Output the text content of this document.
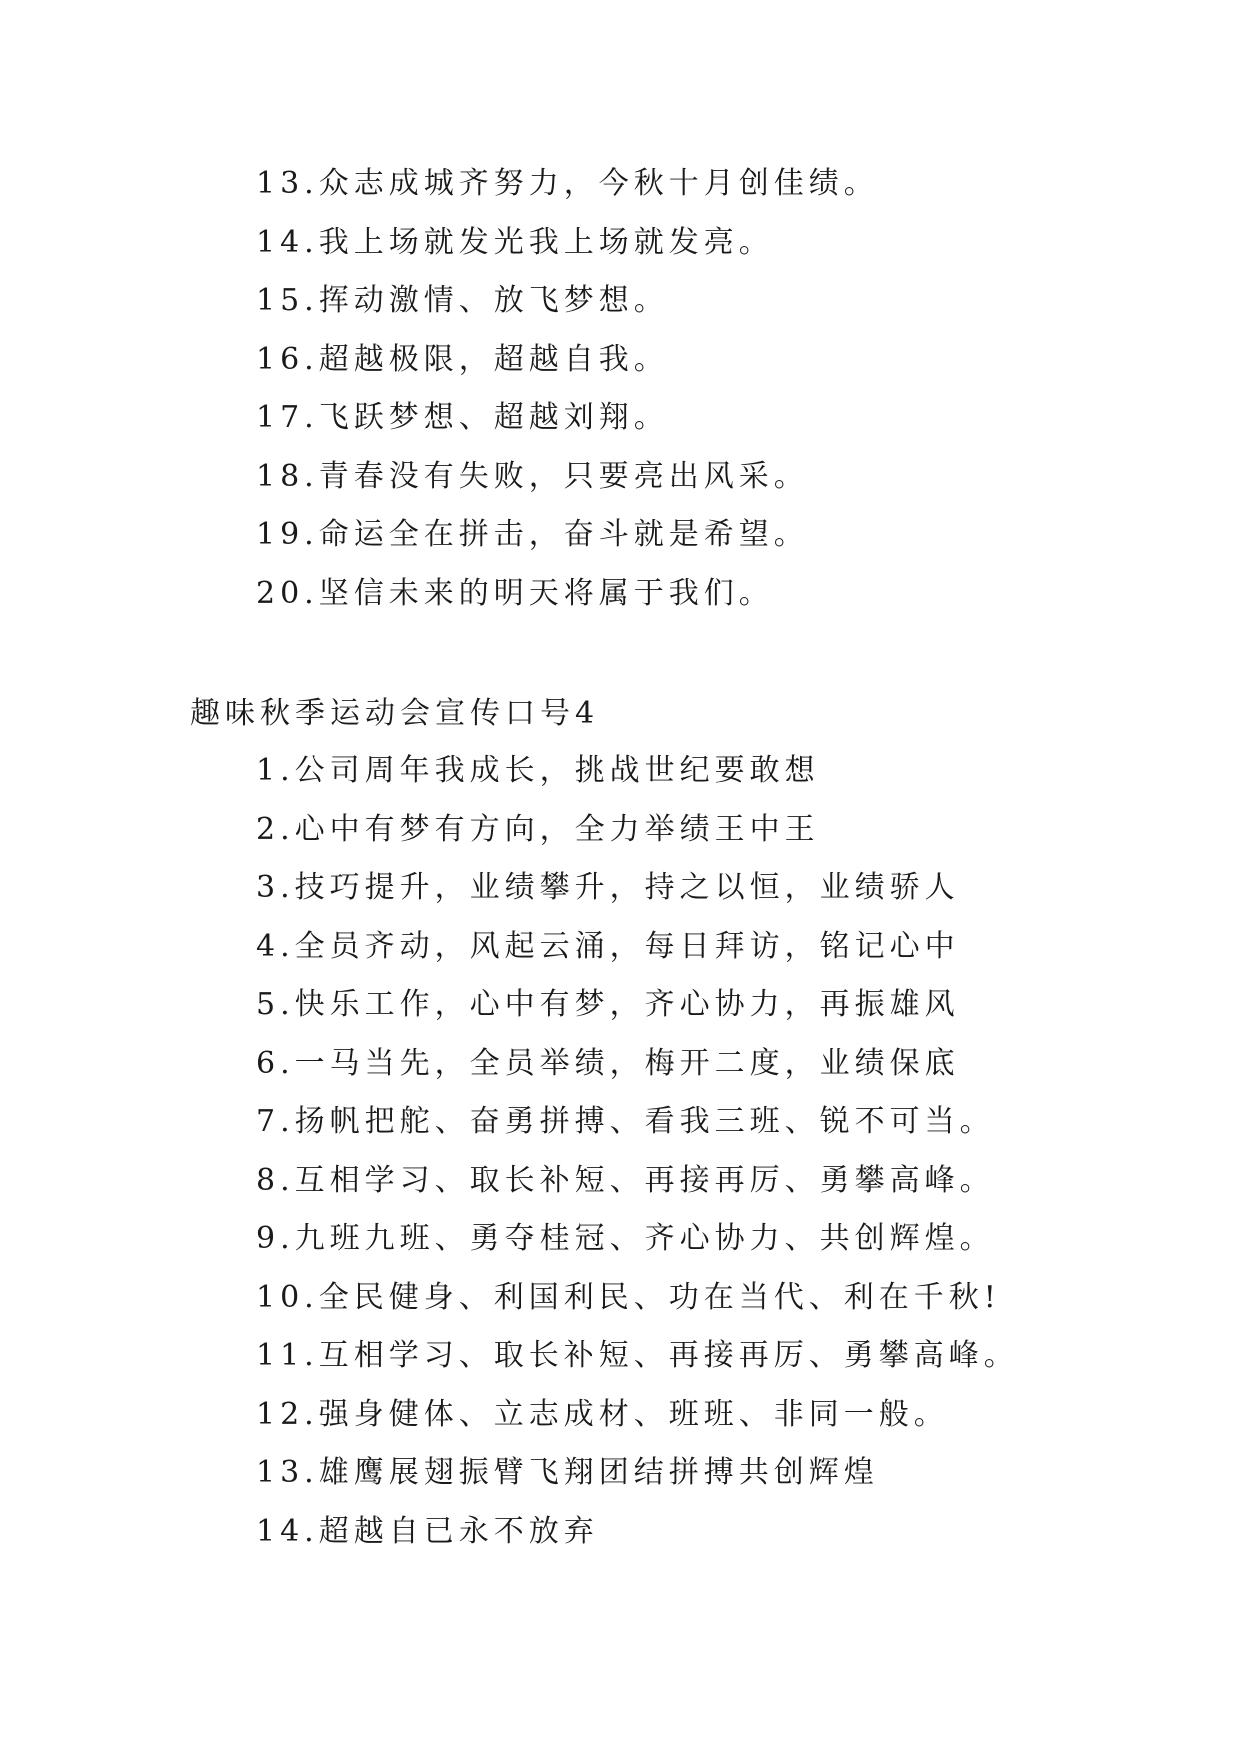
13.众志成城齐努力，今秋十月创佳绩。
14.我上场就发光我上场就发亮。
15.挥动激情、放飞梦想。
16.超越极限，超越自我。
17.飞跃梦想、超越刘翔。
18.青春没有失败，只要亮出风采。
19.命运全在拼击，奋斗就是希望。
20.坚信未来的明天将属于我们。
趣味秋季运动会宣传口号4
1.公司周年我成长，挑战世纪要敢想
2.心中有梦有方向，全力举绩王中王
3.技巧提升，业绩攀升，持之以恒，业绩骄人
4.全员齐动，风起云涌，每日拜访，铭记心中
5.快乐工作，心中有梦，齐心协力，再振雄风
6.一马当先，全员举绩，梅开二度，业绩保底
7.扬帆把舵、奋勇拼搏、看我三班、锐不可当。
8.互相学习、取长补短、再接再厉、勇攀高峰。
9.九班九班、勇夺桂冠、齐心协力、共创辉煌。
10.全民健身、利国利民、功在当代、利在千秋!
11.互相学习、取长补短、再接再厉、勇攀高峰。
12.强身健体、立志成材、班班、非同一般。
13.雄鹰展翅振臂飞翔团结拼搏共创辉煌
14.超越自已永不放弃
